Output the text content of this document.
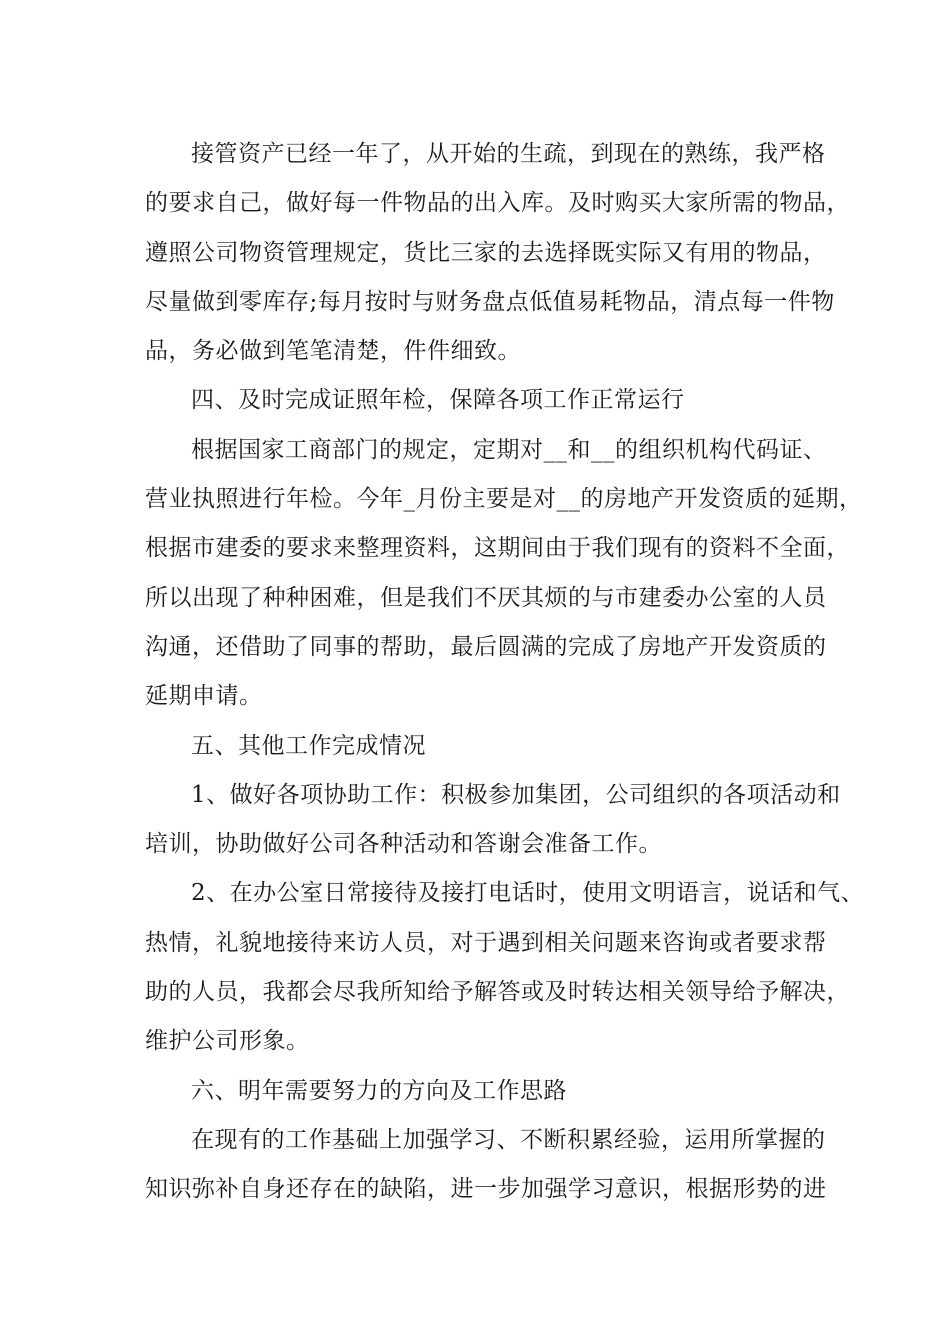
接管资产已经一年了，从开始的生疏，到现在的熟练，我严格
的要求自己，做好每一件物品的出入库。及时购买大家所需的物品，
遵照公司物资管理规定，货比三家的去选择既实际又有用的物品，
尽量做到零库存;每月按时与财务盘点低值易耗物品，清点每一件物
品，务必做到笔笔清楚，件件细致。

四、及时完成证照年检，保障各项工作正常运行

根据国家工商部门的规定，定期对__和__的组织机构代码证、
营业执照进行年检。今年_月份主要是对__的房地产开发资质的延期，
根据市建委的要求来整理资料，这期间由于我们现有的资料不全面，
所以出现了种种困难，但是我们不厌其烦的与市建委办公室的人员
沟通，还借助了同事的帮助，最后圆满的完成了房地产开发资质的
延期申请。

五、其他工作完成情况

1、做好各项协助工作：积极参加集团，公司组织的各项活动和
培训，协助做好公司各种活动和答谢会准备工作。

2、在办公室日常接待及接打电话时，使用文明语言，说话和气、
热情，礼貌地接待来访人员，对于遇到相关问题来咨询或者要求帮
助的人员，我都会尽我所知给予解答或及时转达相关领导给予解决，
维护公司形象。

六、明年需要努力的方向及工作思路

在现有的工作基础上加强学习、不断积累经验，运用所掌握的
知识弥补自身还存在的缺陷，进一步加强学习意识，根据形势的进
